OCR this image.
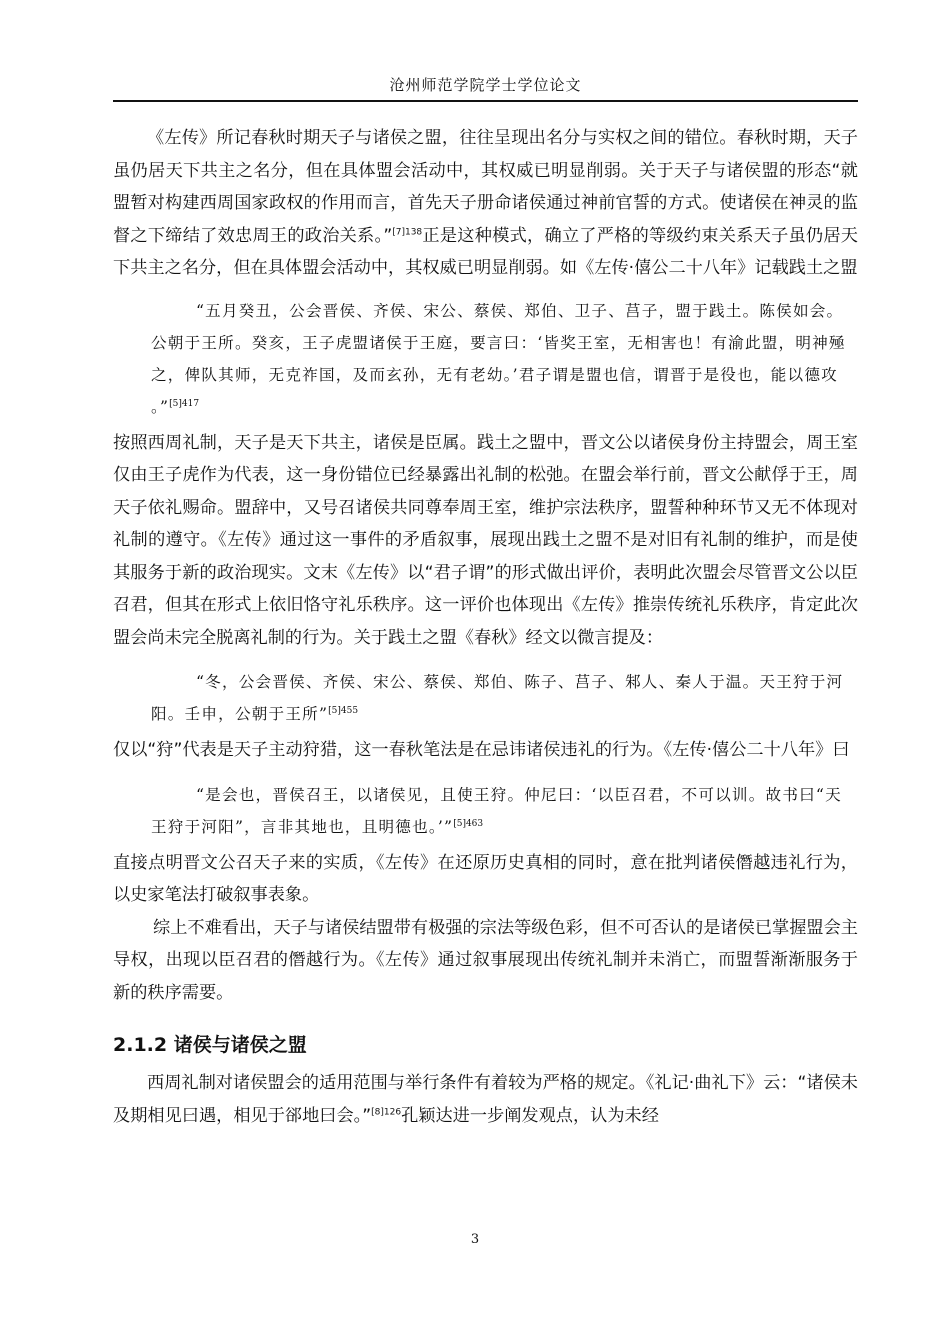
沧州师范学院学士学位论文

《左传》所记春秋时期天子与诸侯之盟，往往呈现出名分与实权之间的错位。春秋时期，天子虽仍居天下共主之名分，但在具体盟会活动中，其权威已明显削弱。关于天子与诸侯盟的形态“就盟暂对构建西周国家政权的作用而言，首先天子册命诸侯通过神前官誓的方式。使诸侯在神灵的监督之下缔结了效忠周王的政治关系。”$^{[7]138}$正是这种模式，确立了严格的等级约束关系天子虽仍居天下共主之名分，但在具体盟会活动中，其权威已明显削弱。如《左传·僖公二十八年》记载践土之盟

“五月癸丑，公会晋侯、齐侯、宋公、蔡侯、郑伯、卫子、莒子，盟于践土。陈侯如会。公朝于王所。癸亥，王子虎盟诸侯于王庭，要言曰：‘皆奖王室，无相害也！有渝此盟，明神殛之，俾队其师，无克祚国，及而玄孙，无有老幼。’君子谓是盟也信，谓晋于是役也，能以德攻 。”$^{[5]417}$

按照西周礼制，天子是天下共主，诸侯是臣属。践土之盟中，晋文公以诸侯身份主持盟会，周王室仅由王子虎作为代表，这一身份错位已经暴露出礼制的松弛。在盟会举行前，晋文公献俘于王，周天子依礼赐命。盟辞中，又号召诸侯共同尊奉周王室，维护宗法秩序，盟誓种种环节又无不体现对礼制的遵守。《左传》通过这一事件的矛盾叙事，展现出践土之盟不是对旧有礼制的维护，而是使其服务于新的政治现实。文末《左传》以“君子谓”的形式做出评价，表明此次盟会尽管晋文公以臣召君，但其在形式上依旧恪守礼乐秩序。这一评价也体现出《左传》推崇传统礼乐秩序，肯定此次盟会尚未完全脱离礼制的行为。关于践土之盟《春秋》经文以微言提及：

“冬，公会晋侯、齐侯、宋公、蔡侯、郑伯、陈子、莒子、邾人、秦人于温。天王狩于河阳。壬申，公朝于王所”$^{[5]455}$

仅以“狩”代表是天子主动狩猎，这一春秋笔法是在忌讳诸侯违礼的行为。《左传·僖公二十八年》曰

“是会也，晋侯召王，以诸侯见，且使王狩。仲尼曰：‘以臣召君，不可以训。故书曰“天王狩于河阳”，言非其地也，且明德也。’”$^{[5]463}$

直接点明晋文公召天子来的实质，《左传》在还原历史真相的同时，意在批判诸侯僭越违礼行为，以史家笔法打破叙事表象。

综上不难看出，天子与诸侯结盟带有极强的宗法等级色彩，但不可否认的是诸侯已掌握盟会主导权，出现以臣召君的僭越行为。《左传》通过叙事展现出传统礼制并未消亡，而盟誓渐渐服务于新的秩序需要。

2.1.2 诸侯与诸侯之盟

西周礼制对诸侯盟会的适用范围与举行条件有着较为严格的规定。《礼记·曲礼下》云：“诸侯未及期相见曰遇，相见于郤地曰会。”$^{[8]126}$孔颖达进一步阐发观点，认为未经

3
